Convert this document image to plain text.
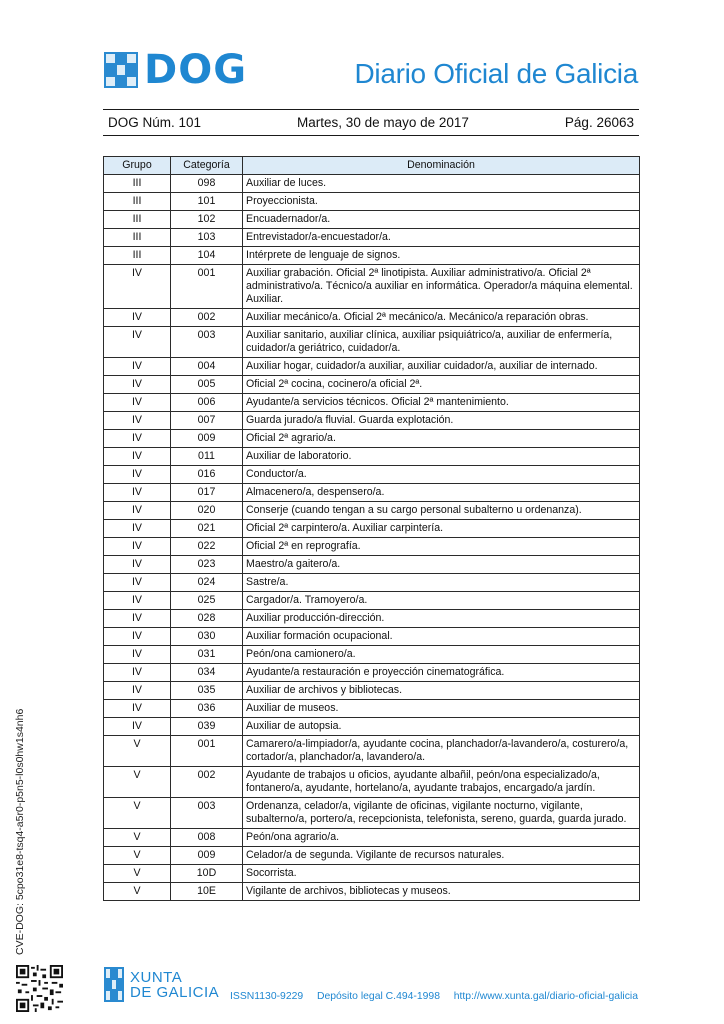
DOG	Diario Oficial de Galicia
DOG Núm. 101	Martes, 30 de mayo de 2017	Pág. 26063
Grupo	Categoría	Denominación
III	098	Auxiliar de luces.
III	101	Proyeccionista.
III	102	Encuadernador/a.
III	103	Entrevistador/a-encuestador/a.
III	104	Intérprete de lenguaje de signos.
IV	001	Auxiliar grabación. Oficial 2ª linotipista. Auxiliar administrativo/a. Oficial 2ª administrativo/a. Técnico/a auxiliar en informática. Operador/a máquina elemental. Auxiliar.
IV	002	Auxiliar mecánico/a. Oficial 2ª mecánico/a. Mecánico/a reparación obras.
IV	003	Auxiliar sanitario, auxiliar clínica, auxiliar psiquiátrico/a, auxiliar de enfermería, cuidador/a geriátrico, cuidador/a.
IV	004	Auxiliar hogar, cuidador/a auxiliar, auxiliar cuidador/a, auxiliar de internado.
IV	005	Oficial 2ª cocina, cocinero/a oficial 2ª.
IV	006	Ayudante/a servicios técnicos. Oficial 2ª mantenimiento.
IV	007	Guarda jurado/a fluvial. Guarda explotación.
IV	009	Oficial 2ª agrario/a.
IV	011	Auxiliar de laboratorio.
IV	016	Conductor/a.
IV	017	Almacenero/a, despensero/a.
IV	020	Conserje (cuando tengan a su cargo personal subalterno u ordenanza).
IV	021	Oficial 2ª carpintero/a. Auxiliar carpintería.
IV	022	Oficial 2ª en reprografía.
IV	023	Maestro/a gaitero/a.
IV	024	Sastre/a.
IV	025	Cargador/a. Tramoyero/a.
IV	028	Auxiliar producción-dirección.
IV	030	Auxiliar formación ocupacional.
IV	031	Peón/ona camionero/a.
IV	034	Ayudante/a restauración e proyección cinematográfica.
IV	035	Auxiliar de archivos y bibliotecas.
IV	036	Auxiliar de museos.
IV	039	Auxiliar de autopsia.
V	001	Camarero/a-limpiador/a, ayudante cocina, planchador/a-lavandero/a, costurero/a, cortador/a, planchador/a, lavandero/a.
V	002	Ayudante de trabajos u oficios, ayudante albañil, peón/ona especializado/a, fontanero/a, ayudante, hortelano/a, ayudante trabajos, encargado/a jardín.
V	003	Ordenanza, celador/a, vigilante de oficinas, vigilante nocturno, vigilante, subalterno/a, portero/a, recepcionista, telefonista, sereno, guarda, guarda jurado.
V	008	Peón/ona agrario/a.
V	009	Celador/a de segunda. Vigilante de recursos naturales.
V	10D	Socorrista.
V	10E	Vigilante de archivos, bibliotecas y museos.
CVE-DOG: 5cpo31e8-tsq4-a5r0-p5n5-l0s0hw1s4nh6
XUNTA
DE GALICIA ISSN1130-9229 Depósito legal C.494-1998 http://www.xunta.gal/diario-oficial-galicia
